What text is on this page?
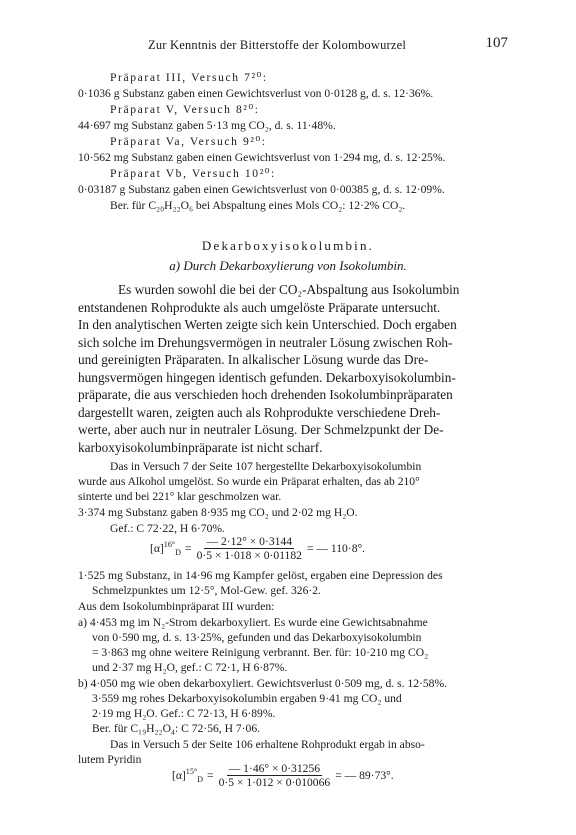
Zur Kenntnis der Bitterstoffe der Kolombowurzel	107
Präparat III, Versuch 7²⁰:
0·1036 g Substanz gaben einen Gewichtsverlust von 0·0128 g, d. s. 12·36%.
Präparat V, Versuch 8²⁰:
44·697 mg Substanz gaben 5·13 mg CO₂, d. s. 11·48%.
Präparat Va, Versuch 9²⁰:
10·562 mg Substanz gaben einen Gewichtsverlust von 1·294 mg, d. s. 12·25%.
Präparat Vb, Versuch 10²⁰:
0·03187 g Substanz gaben einen Gewichtsverlust von 0·00385 g, d. s. 12·09%.
Ber. für C₂₀H₂₂O₆ bei Abspaltung eines Mols CO₂: 12·2% CO₂.
Dekarboxyisokolumbin.
a) Durch Dekarboxylierung von Isokolumbin.
Es wurden sowohl die bei der CO₂-Abspaltung aus Isokolumbin
entstandenen Rohprodukte als auch umgelöste Präparate untersucht.
In den analytischen Werten zeigte sich kein Unterschied. Doch ergaben
sich solche im Drehungsvermögen in neutraler Lösung zwischen Roh-
und gereinigten Präparaten. In alkalischer Lösung wurde das Dre-
hungsvermögen hingegen identisch gefunden. Dekarboxyisokolumbin-
präparate, die aus verschieden hoch drehenden Isokolumbinpräparaten
dargestellt waren, zeigten auch als Rohprodukte verschiedene Dreh-
werte, aber auch nur in neutraler Lösung. Der Schmelzpunkt der De-
karboxyisokolumbinpräparate ist nicht scharf.
Das in Versuch 7 der Seite 107 hergestellte Dekarboxyisokolumbin
wurde aus Alkohol umgelöst. So wurde ein Präparat erhalten, das ab 210°
sinterte und bei 221° klar geschmolzen war.
3·374 mg Substanz gaben 8·935 mg CO₂ und 2·02 mg H₂O.
Gef.: C 72·22, H 6·70%.
$[\alpha]^{16^\circ}_D = \frac{— 2\cdot 12^\circ \times 0\cdot 3144}{0\cdot 5 \times 1\cdot 018 \times 0\cdot 01182}$ = — 110·8°.
1·525 mg Substanz, in 14·96 mg Kampfer gelöst, ergaben eine Depression des
Schmelzpunktes um 12·5°, Mol-Gew. gef. 326·2.
Aus dem Isokolumbinpräparat III wurden:
a) 4·453 mg im N₂-Strom dekarboxyliert. Es wurde eine Gewichtsabnahme
von 0·590 mg, d. s. 13·25%, gefunden und das Dekarboxyisokolumbin
= 3·863 mg ohne weitere Reinigung verbrannt. Ber. für: 10·210 mg CO₂
und 2·37 mg H₂O, gef.: C 72·1, H 6·87%.
b) 4·050 mg wie oben dekarboxyliert. Gewichtsverlust 0·509 mg, d. s. 12·58%.
3·559 mg rohes Dekarboxyisokolumbin ergaben 9·41 mg CO₂ und
2·19 mg H₂O. Gef.: C 72·13, H 6·89%.
Ber. für C₁₉H₂₂O₄: C 72·56, H 7·06.
Das in Versuch 5 der Seite 106 erhaltene Rohprodukt ergab in abso-
lutem Pyridin
$[\alpha]^{15^\circ}_D = \frac{— 1\cdot 46^\circ \times 0\cdot 31256}{0\cdot 5 \times 1\cdot 012 \times 0\cdot 010066}$ = — 89·73°.
